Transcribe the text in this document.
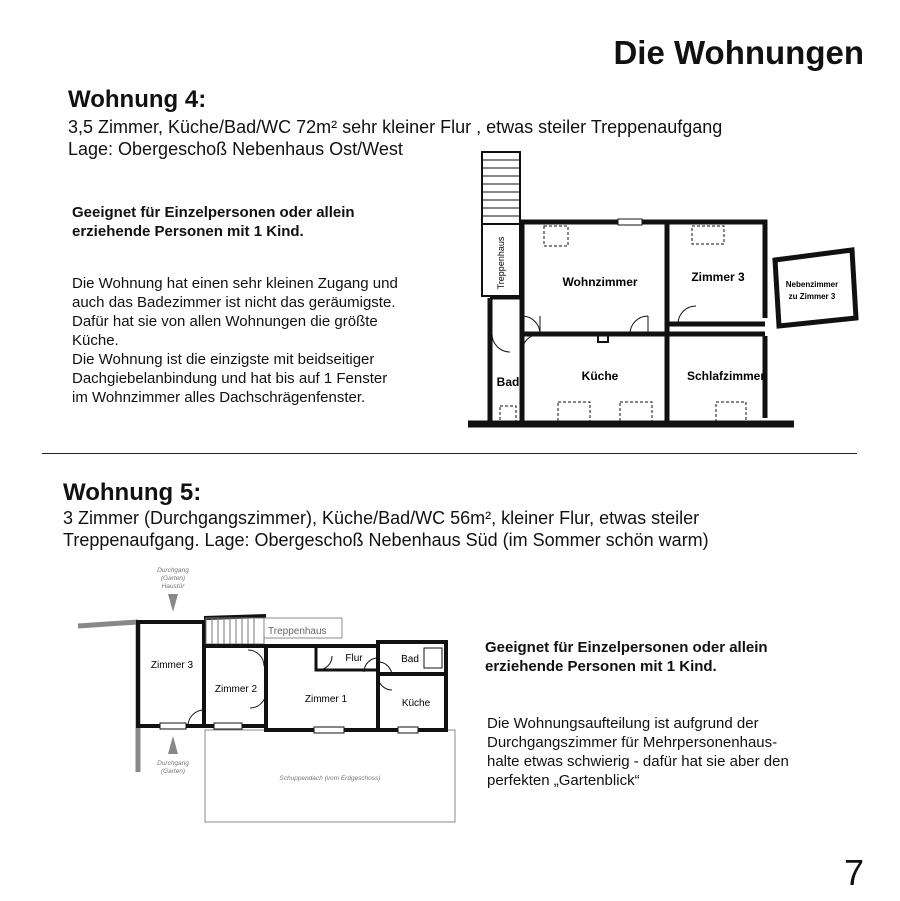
Die Wohnungen
Wohnung 4:
3,5 Zimmer, Küche/Bad/WC 72m² sehr kleiner Flur , etwas steiler Treppenaufgang
Lage: Obergeschoß Nebenhaus Ost/West
Geeignet für Einzelpersonen oder allein
erziehende Personen mit 1 Kind.
Die Wohnung hat einen sehr kleinen Zugang und
auch das Badezimmer ist nicht das geräumigste.
Dafür hat sie von allen Wohnungen die größte
Küche.
Die Wohnung ist die einzigste mit beidseitiger
Dachgiebelanbindung und hat bis auf 1 Fenster
im Wohnzimmer alles Dachschrägenfenster.
Treppenhaus	Wohnzimmer	Zimmer 3
Nebenzimmer
zu Zimmer 3
Bad	Küche	Schlafzimmer
Wohnung 5:
3 Zimmer (Durchgangszimmer), Küche/Bad/WC 56m², kleiner Flur, etwas steiler
Treppenaufgang. Lage: Obergeschoß Nebenhaus Süd (im Sommer schön warm)
Geeignet für Einzelpersonen oder allein
erziehende Personen mit 1 Kind.
Die Wohnungsaufteilung ist aufgrund der
Durchgangszimmer für Mehrpersonenhaus-
halte etwas schwierig - dafür hat sie aber den
perfekten „Gartenblick“
Durchgang
(Garten)
Haustür
Durchgang
(Garten)
Treppenhaus
Zimmer 3
Zimmer 2
Zimmer 1
Flur	Bad
Küche
Schuppendach (vom Erdgeschoss)
7
